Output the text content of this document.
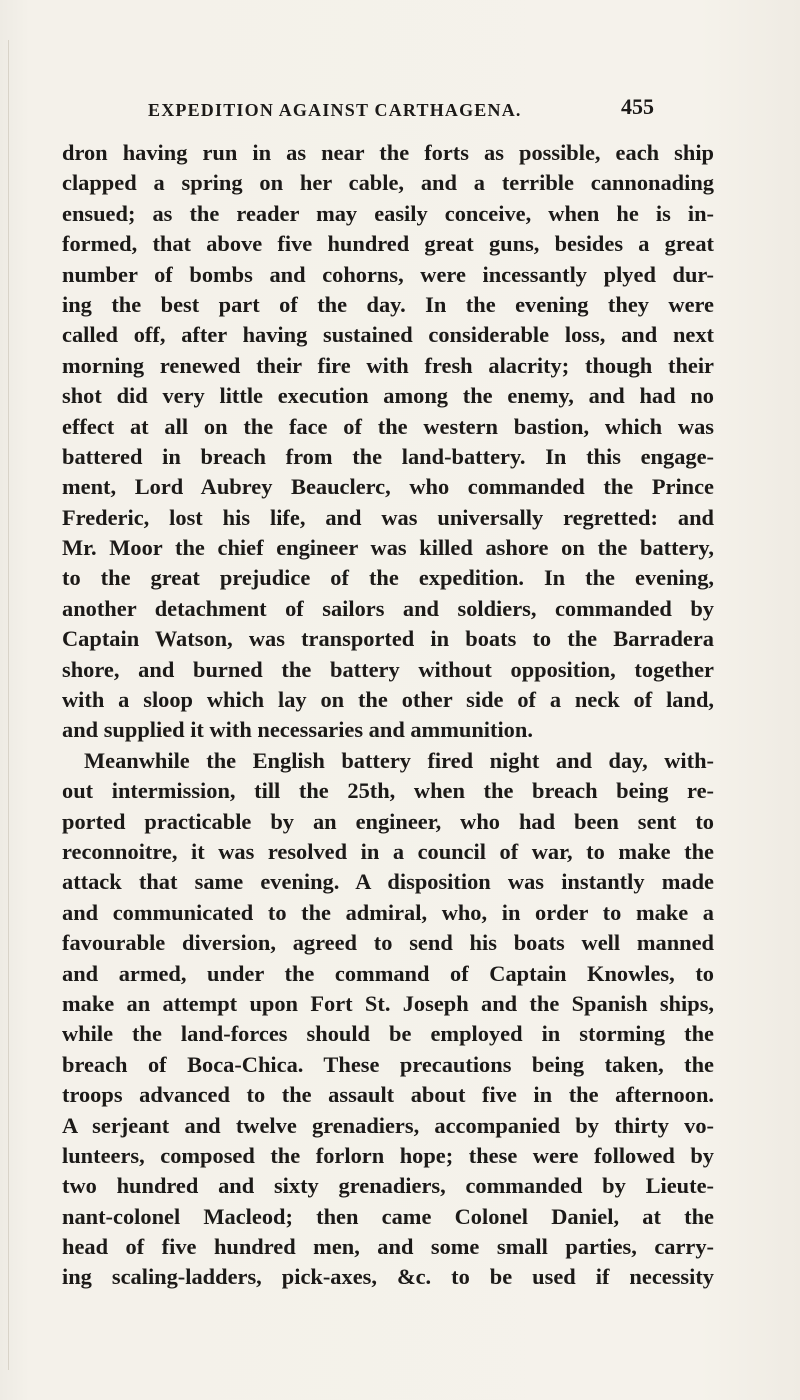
EXPEDITION AGAINST CARTHAGENA.	455
dron having run in as near the forts as possible, each ship
clapped a spring on her cable, and a terrible cannonading
ensued; as the reader may easily conceive, when he is in-
formed, that above five hundred great guns, besides a great
number of bombs and cohorns, were incessantly plyed dur-
ing the best part of the day. In the evening they were
called off, after having sustained considerable loss, and next
morning renewed their fire with fresh alacrity; though their
shot did very little execution among the enemy, and had no
effect at all on the face of the western bastion, which was
battered in breach from the land-battery. In this engage-
ment, Lord Aubrey Beauclerc, who commanded the Prince
Frederic, lost his life, and was universally regretted: and
Mr. Moor the chief engineer was killed ashore on the battery,
to the great prejudice of the expedition. In the evening,
another detachment of sailors and soldiers, commanded by
Captain Watson, was transported in boats to the Barradera
shore, and burned the battery without opposition, together
with a sloop which lay on the other side of a neck of land,
and supplied it with necessaries and ammunition.
Meanwhile the English battery fired night and day, with-
out intermission, till the 25th, when the breach being re-
ported practicable by an engineer, who had been sent to
reconnoitre, it was resolved in a council of war, to make the
attack that same evening. A disposition was instantly made
and communicated to the admiral, who, in order to make a
favourable diversion, agreed to send his boats well manned
and armed, under the command of Captain Knowles, to
make an attempt upon Fort St. Joseph and the Spanish ships,
while the land-forces should be employed in storming the
breach of Boca-Chica. These precautions being taken, the
troops advanced to the assault about five in the afternoon.
A serjeant and twelve grenadiers, accompanied by thirty vo-
lunteers, composed the forlorn hope; these were followed by
two hundred and sixty grenadiers, commanded by Lieute-
nant-colonel Macleod; then came Colonel Daniel, at the
head of five hundred men, and some small parties, carry-
ing scaling-ladders, pick-axes, &c. to be used if necessity
